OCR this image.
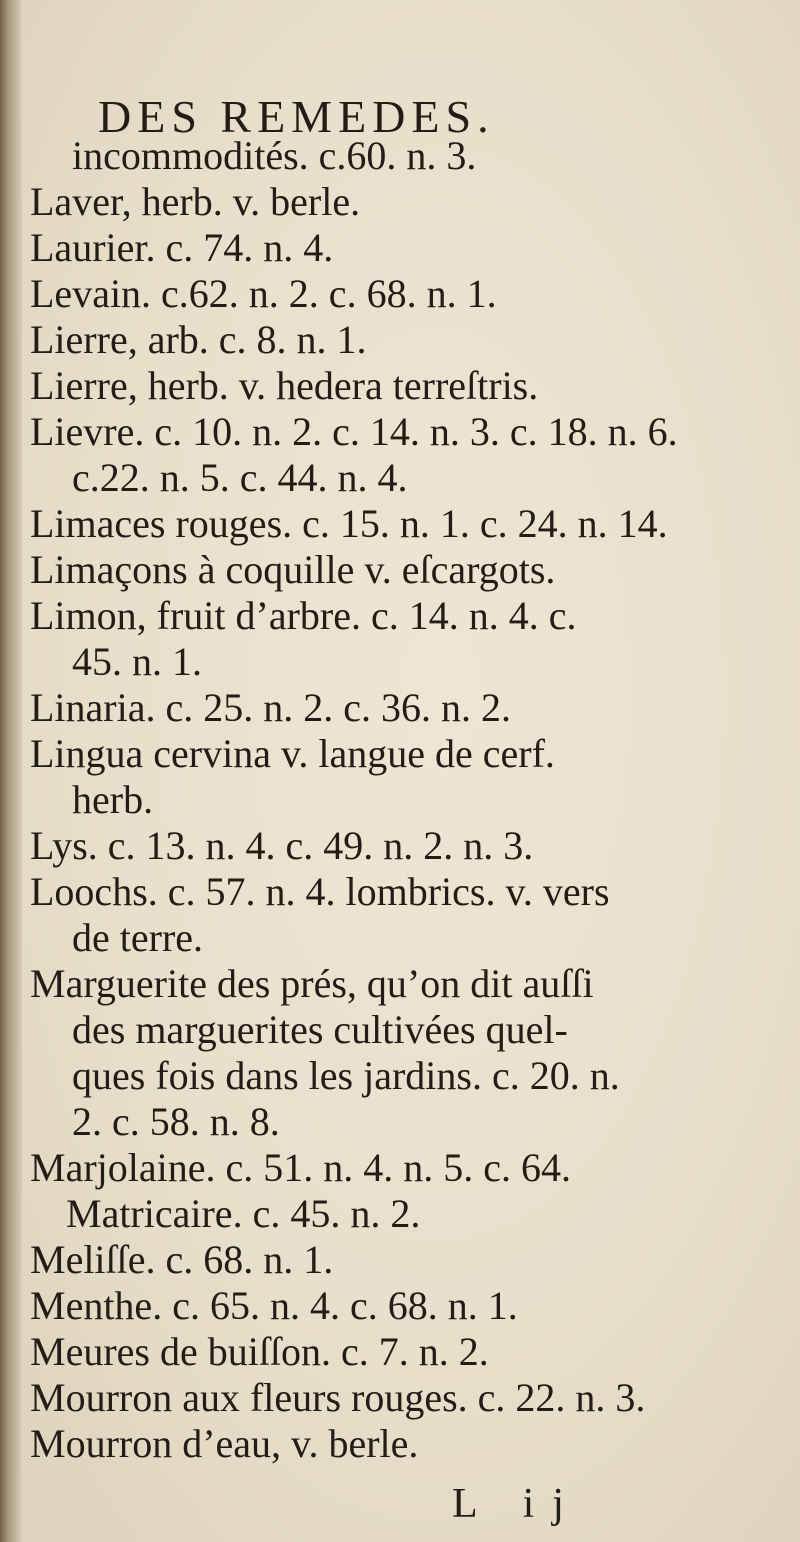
DES REMEDES.
incommodités. c.60. n. 3.
Laver, herb. v. berle.
Laurier. c. 74. n. 4.
Levain. c.62. n. 2. c. 68. n. 1.
Lierre, arb. c. 8. n. 1.
Lierre, herb. v. hedera terreſtris.
Lievre. c. 10. n. 2. c. 14. n. 3. c. 18. n. 6.
c.22. n. 5. c. 44. n. 4.
Limaces rouges. c. 15. n. 1. c. 24. n. 14.
Limaçons à coquille v. eſcargots.
Limon, fruit d’arbre. c. 14. n. 4. c.
45. n. 1.
Linaria. c. 25. n. 2. c. 36. n. 2.
Lingua cervina v. langue de cerf.
herb.
Lys. c. 13. n. 4. c. 49. n. 2. n. 3.
Loochs. c. 57. n. 4. lombrics. v. vers
de terre.
Marguerite des prés, qu’on dit auſſi
des marguerites cultivées quel-
ques fois dans les jardins. c. 20. n.
2. c. 58. n. 8.
Marjolaine. c. 51. n. 4. n. 5. c. 64.
Matricaire. c. 45. n. 2.
Meliſſe. c. 68. n. 1.
Menthe. c. 65. n. 4. c. 68. n. 1.
Meures de buiſſon. c. 7. n. 2.
Mourron aux fleurs rouges. c. 22. n. 3.
Mourron d’eau, v. berle.
L ij
